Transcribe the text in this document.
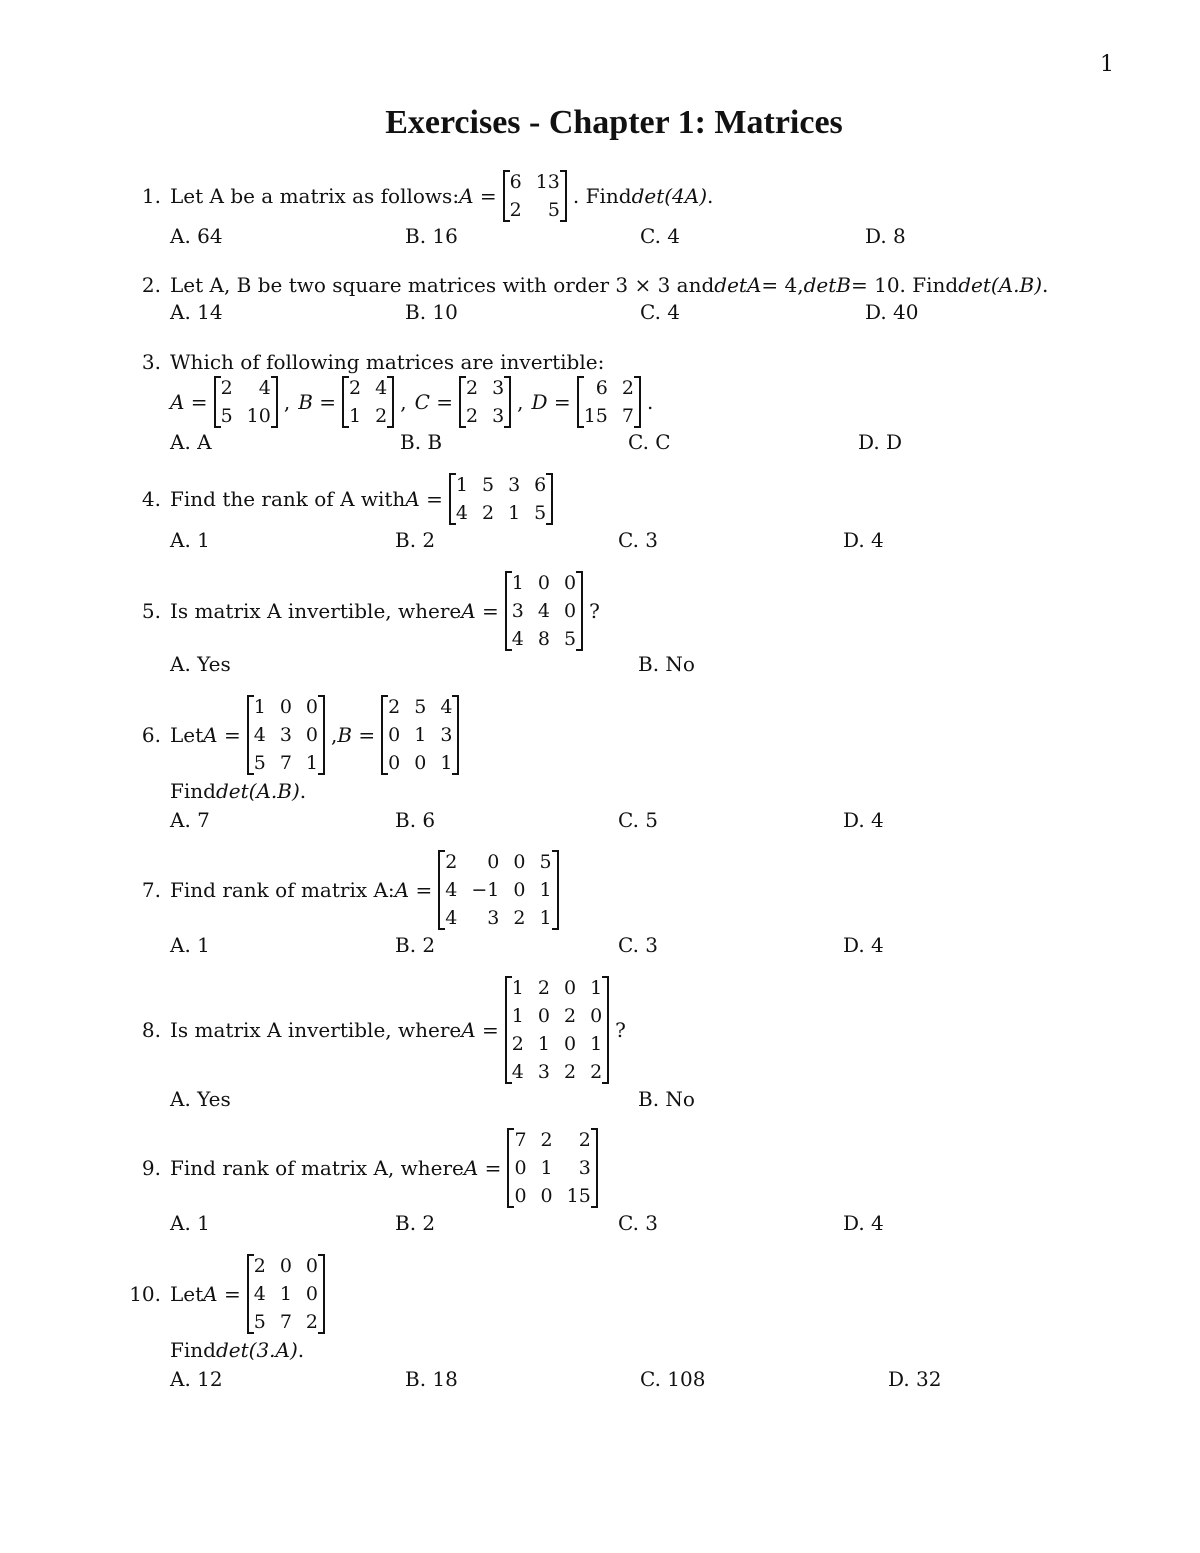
1
Exercises - Chapter 1: Matrices
1. Let A be a matrix as follows: A =
6 13
2	5
. Find det(4A) .
A. 64	B. 16	C. 4	D. 8
2. Let A, B be two square matrices with order 3 × 3 and detA = 4, detB = 10. Find det(A.B) .
A. 14	B. 10	C. 4	D. 40
3. Which of following matrices are invertible:
A =
2	4
5 10
, B =
2 4
1 2
, C =
2 3
2 3
, D =
6 2
15 7
.
A. A	B. B	C. C	D. D
4. Find the rank of A with A =
1 5 3 6
4 2 1 5
A. 1	B. 2	C. 3	D. 4
5. Is matrix A invertible, where A =
1 0 0
3 4 0
4 8 5
?
A. Yes	B. No
6. Let A =
1 0 0
4 3 0
5 7 1
, B =
2 5 4
0 1 3
0 0 1
Find det(A.B) .
A. 7	B. 6	C. 5	D. 4
7. Find rank of matrix A: A =
2	0 0 5
4 −1 0 1
4	3 2 1
A. 1	B. 2	C. 3	D. 4
8. Is matrix A invertible, where A =
1 2 0 1
1 0 2 0
2 1 0 1
4 3 2 2
?
A. Yes	B. No
9. Find rank of matrix A, where A =
7 2	2
0 1	3
0 0 15
A. 1	B. 2	C. 3	D. 4
10. Let A =
2 0 0
4 1 0
5 7 2
Find det(3.A) .
A. 12	B. 18	C. 108	D. 32
